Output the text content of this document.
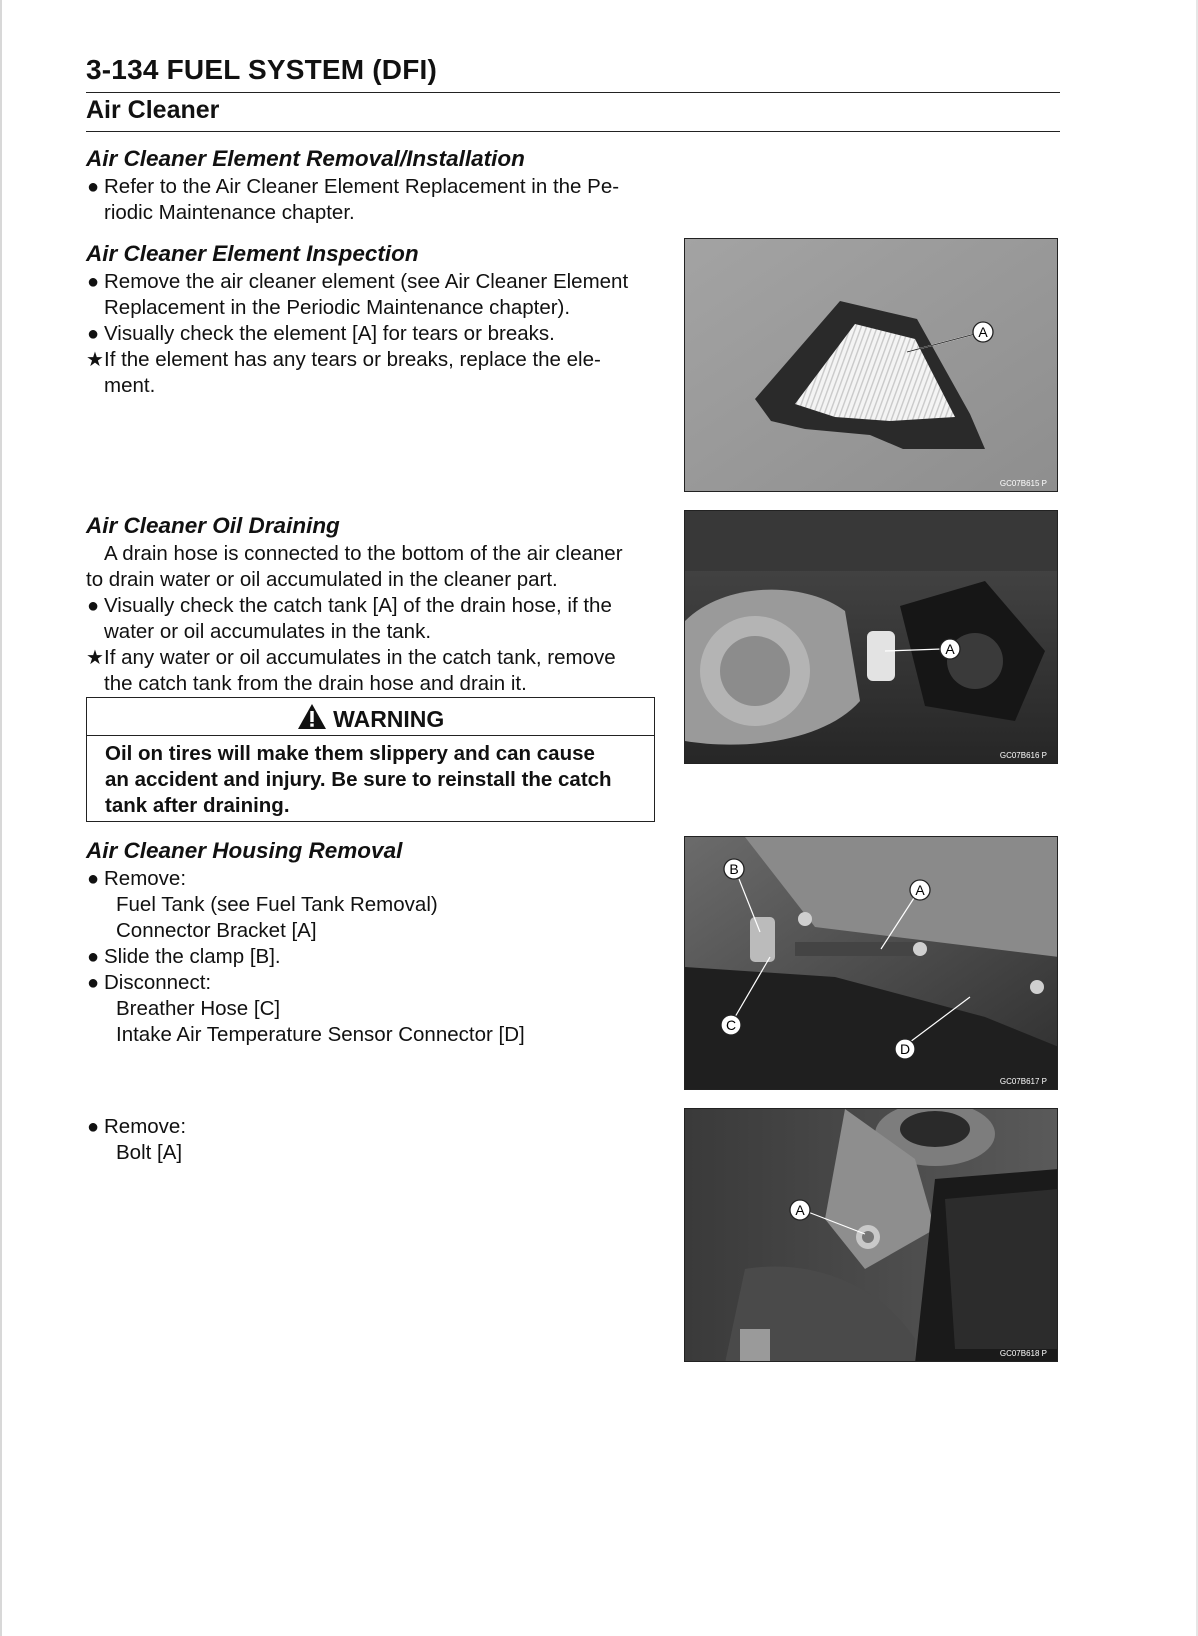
3-134 FUEL SYSTEM (DFI)
Air Cleaner
Air Cleaner Element Removal/Installation
● Refer to the Air Cleaner Element Replacement in the Pe-
riodic Maintenance chapter.
Air Cleaner Element Inspection
● Remove the air cleaner element (see Air Cleaner Element
Replacement in the Periodic Maintenance chapter).
● Visually check the element [A] for tears or breaks.
★ If the element has any tears or breaks, replace the ele-
ment.
Air Cleaner Oil Draining
A drain hose is connected to the bottom of the air cleaner
to drain water or oil accumulated in the cleaner part.
● Visually check the catch tank [A] of the drain hose, if the
water or oil accumulates in the tank.
★ If any water or oil accumulates in the catch tank, remove
the catch tank from the drain hose and drain it.
WARNING
Oil on tires will make them slippery and can cause
an accident and injury. Be sure to reinstall the catch
tank after draining.
Air Cleaner Housing Removal
● Remove:
Fuel Tank (see Fuel Tank Removal)
Connector Bracket [A]
● Slide the clamp [B].
● Disconnect:
Breather Hose [C]
Intake Air Temperature Sensor Connector [D]
● Remove:
Bolt [A]
A
GC07B615 P
A
GC07B616 P
A
B
C
D
GC07B617 P
A
GC07B618 P
